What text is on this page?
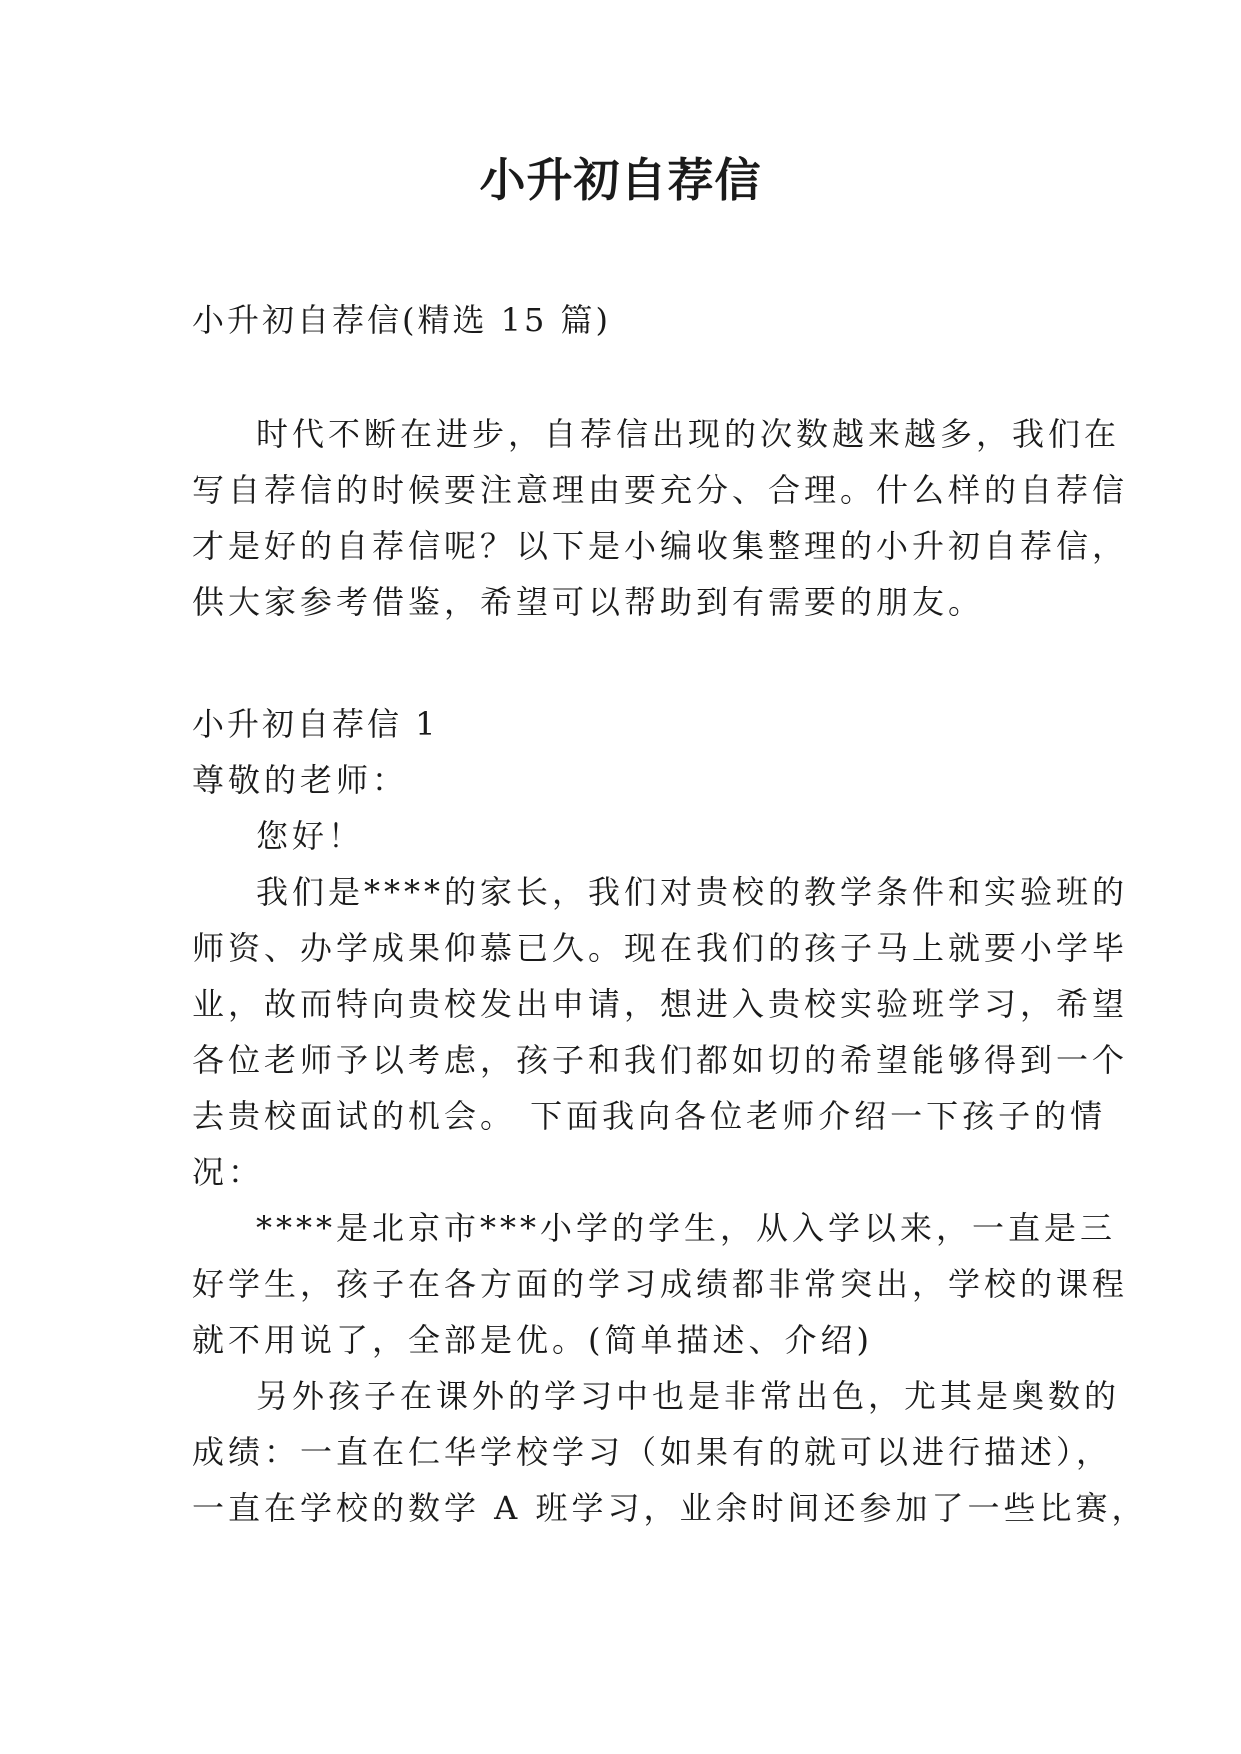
小升初自荐信

小升初自荐信(精选 15 篇)

时代不断在进步，自荐信出现的次数越来越多，我们在
写自荐信的时候要注意理由要充分、合理。什么样的自荐信
才是好的自荐信呢？以下是小编收集整理的小升初自荐信，
供大家参考借鉴，希望可以帮助到有需要的朋友。

小升初自荐信 1

尊敬的老师：

您好！
我们是****的家长，我们对贵校的教学条件和实验班的
师资、办学成果仰慕已久。现在我们的孩子马上就要小学毕
业，故而特向贵校发出申请，想进入贵校实验班学习，希望
各位老师予以考虑，孩子和我们都如切的希望能够得到一个
去贵校面试的机会。 下面我向各位老师介绍一下孩子的情
况：
****是北京市***小学的学生，从入学以来，一直是三
好学生，孩子在各方面的学习成绩都非常突出，学校的课程
就不用说了，全部是优。(简单描述、介绍)
另外孩子在课外的学习中也是非常出色，尤其是奥数的
成绩：一直在仁华学校学习（如果有的就可以进行描述），
一直在学校的数学 A 班学习，业余时间还参加了一些比赛，
